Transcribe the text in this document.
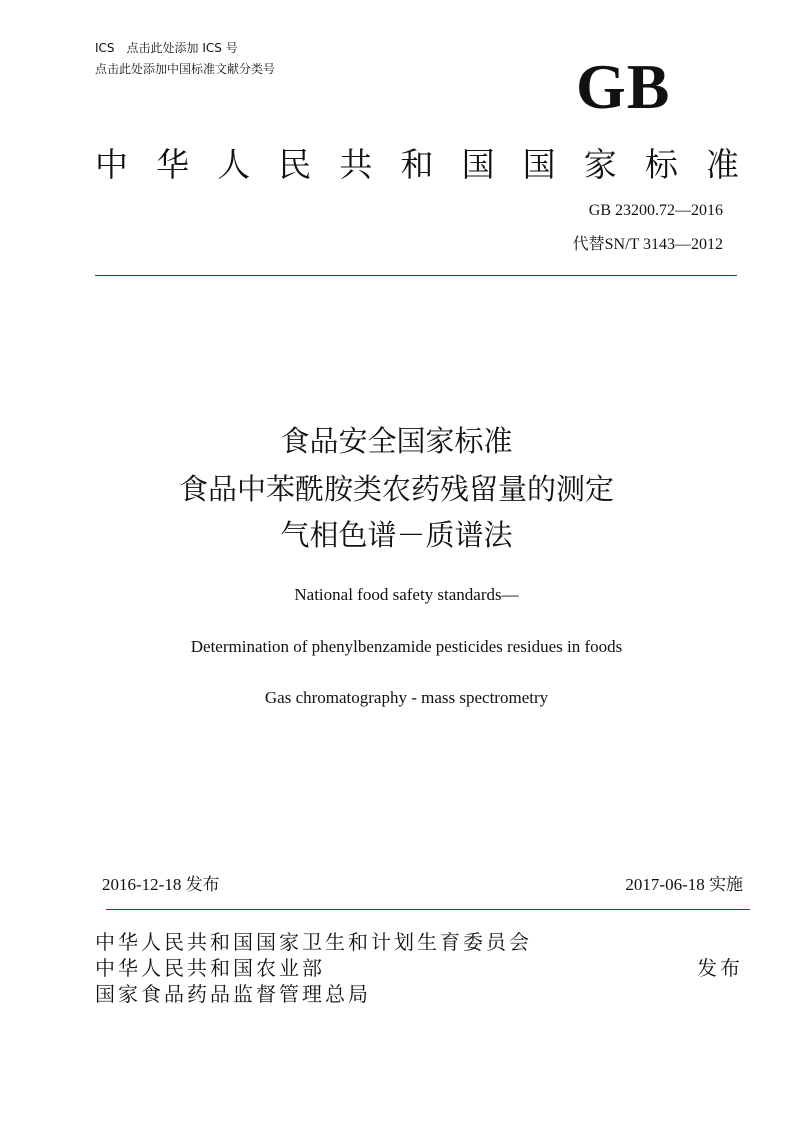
ICS　点击此处添加 ICS 号
点击此处添加中国标准文献分类号	GB
中 华 人 民 共 和 国 国 家 标 准
GB 23200.72—2016
代替SN/T 3143—2012
食品安全国家标准
食品中苯酰胺类农药残留量的测定
气相色谱－质谱法
National food safety standards—
Determination of phenylbenzamide pesticides residues in foods
Gas chromatography - mass spectrometry
2016-12-18 发布	2017-06-18 实施
中华人民共和国国家卫生和计划生育委员会
中华人民共和国农业部
国家食品药品监督管理总局
发布
